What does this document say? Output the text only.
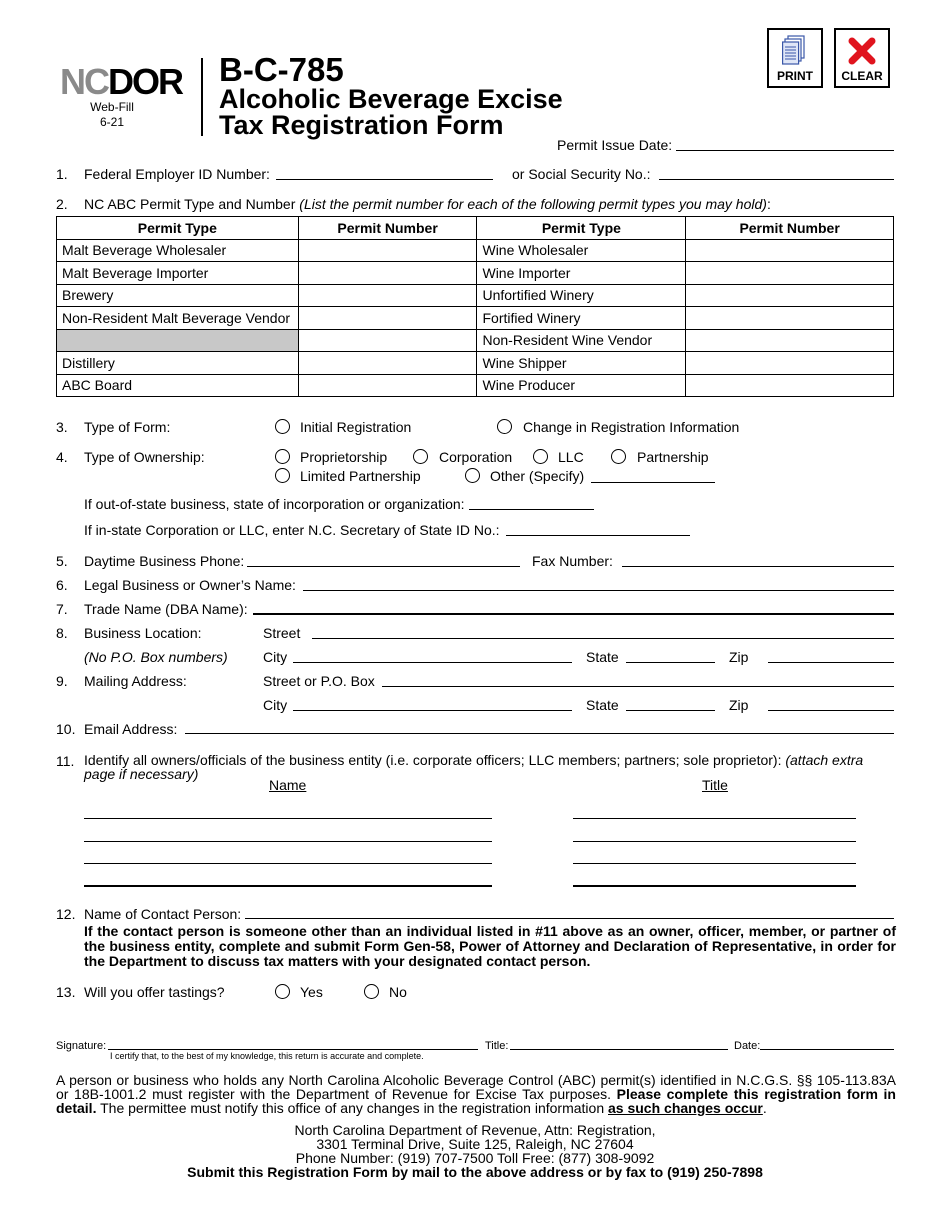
NCDOR
Web-Fill
6-21
B-C-785
Alcoholic Beverage Excise
Tax Registration Form
PRINT	CLEAR
Permit Issue Date:
1. Federal Employer ID Number:	or Social Security No.:
2. NC ABC Permit Type and Number (List the permit number for each of the following permit types you may hold):
Permit Type	Permit Number	Permit Type	Permit Number
Malt Beverage Wholesaler		Wine Wholesaler	
Malt Beverage Importer		Wine Importer	
Brewery		Unfortified Winery	
Non-Resident Malt Beverage Vendor		Fortified Winery	
		Non-Resident Wine Vendor	
Distillery		Wine Shipper	
ABC Board		Wine Producer	
3. Type of Form:	Initial Registration	Change in Registration Information
4. Type of Ownership:	Proprietorship	Corporation	LLC	Partnership
Limited Partnership	Other (Specify)
If out-of-state business, state of incorporation or organization:
If in-state Corporation or LLC, enter N.C. Secretary of State ID No.:
5. Daytime Business Phone:	Fax Number:
6. Legal Business or Owner’s Name:
7. Trade Name (DBA Name):
8. Business Location:	Street
(No P.O. Box numbers)	City	State	Zip
9. Mailing Address:	Street or P.O. Box
City	State	Zip
10. Email Address:
11. Identify all owners/officials of the business entity (i.e. corporate officers; LLC members; partners; sole proprietor): (attach extra page if necessary)
Name	Title
12. Name of Contact Person:
If the contact person is someone other than an individual listed in #11 above as an owner, officer, member, or partner of the business entity, complete and submit Form Gen-58, Power of Attorney and Declaration of Representative, in order for the Department to discuss tax matters with your designated contact person.
13. Will you offer tastings?	Yes	No
Signature:
I certify that, to the best of my knowledge, this return is accurate and complete.
Title:	Date:
A person or business who holds any North Carolina Alcoholic Beverage Control (ABC) permit(s) identified in N.C.G.S. §§ 105-113.83A or 18B-1001.2 must register with the Department of Revenue for Excise Tax purposes. Please complete this registration form in detail. The permittee must notify this office of any changes in the registration information as such changes occur.
North Carolina Department of Revenue, Attn: Registration,
3301 Terminal Drive, Suite 125, Raleigh, NC 27604
Phone Number: (919) 707-7500 Toll Free: (877) 308-9092
Submit this Registration Form by mail to the above address or by fax to (919) 250-7898
